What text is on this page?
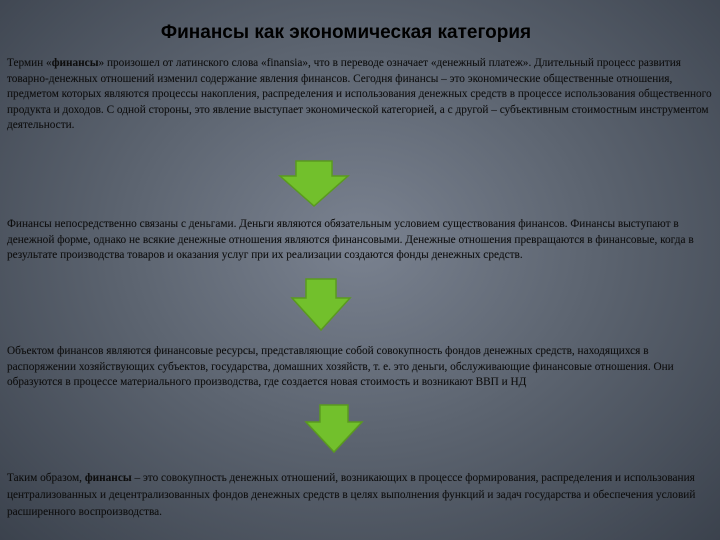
Финансы как экономическая категория
Термин «финансы» произошел от латинского слова «finansia», что в переводе означает «денежный платеж». Длительный процесс развития товарно-денежных отношений изменил содержание явления финансов. Сегодня финансы – это экономические общественные отношения, предметом которых являются процессы накопления, распределения и использования денежных средств в процессе использования общественного продукта и доходов. С одной стороны, это явление выступает экономической категорией, а с другой – субъективным стоимостным инструментом деятельности.
Финансы непосредственно связаны с деньгами. Деньги являются обязательным условием существования финансов. Финансы выступают в денежной форме, однако не всякие денежные отношения являются финансовыми. Денежные отношения превращаются в финансовые, когда в результате производства товаров и оказания услуг при их реализации создаются фонды денежных средств.
Объектом финансов являются финансовые ресурсы, представляющие собой совокупность фондов денежных средств, находящихся в распоряжении хозяйствующих субъектов, государства, домашних хозяйств, т. е. это деньги, обслуживающие финансовые отношения. Они образуются в процессе материального производства, где создается новая стоимость и возникают ВВП и НД
Таким образом, финансы – это совокупность денежных отношений, возникающих в процессе формирования, распределения и использования централизованных и децентрализованных фондов денежных средств в целях выполнения функций и задач государства и обеспечения условий расширенного воспроизводства.
